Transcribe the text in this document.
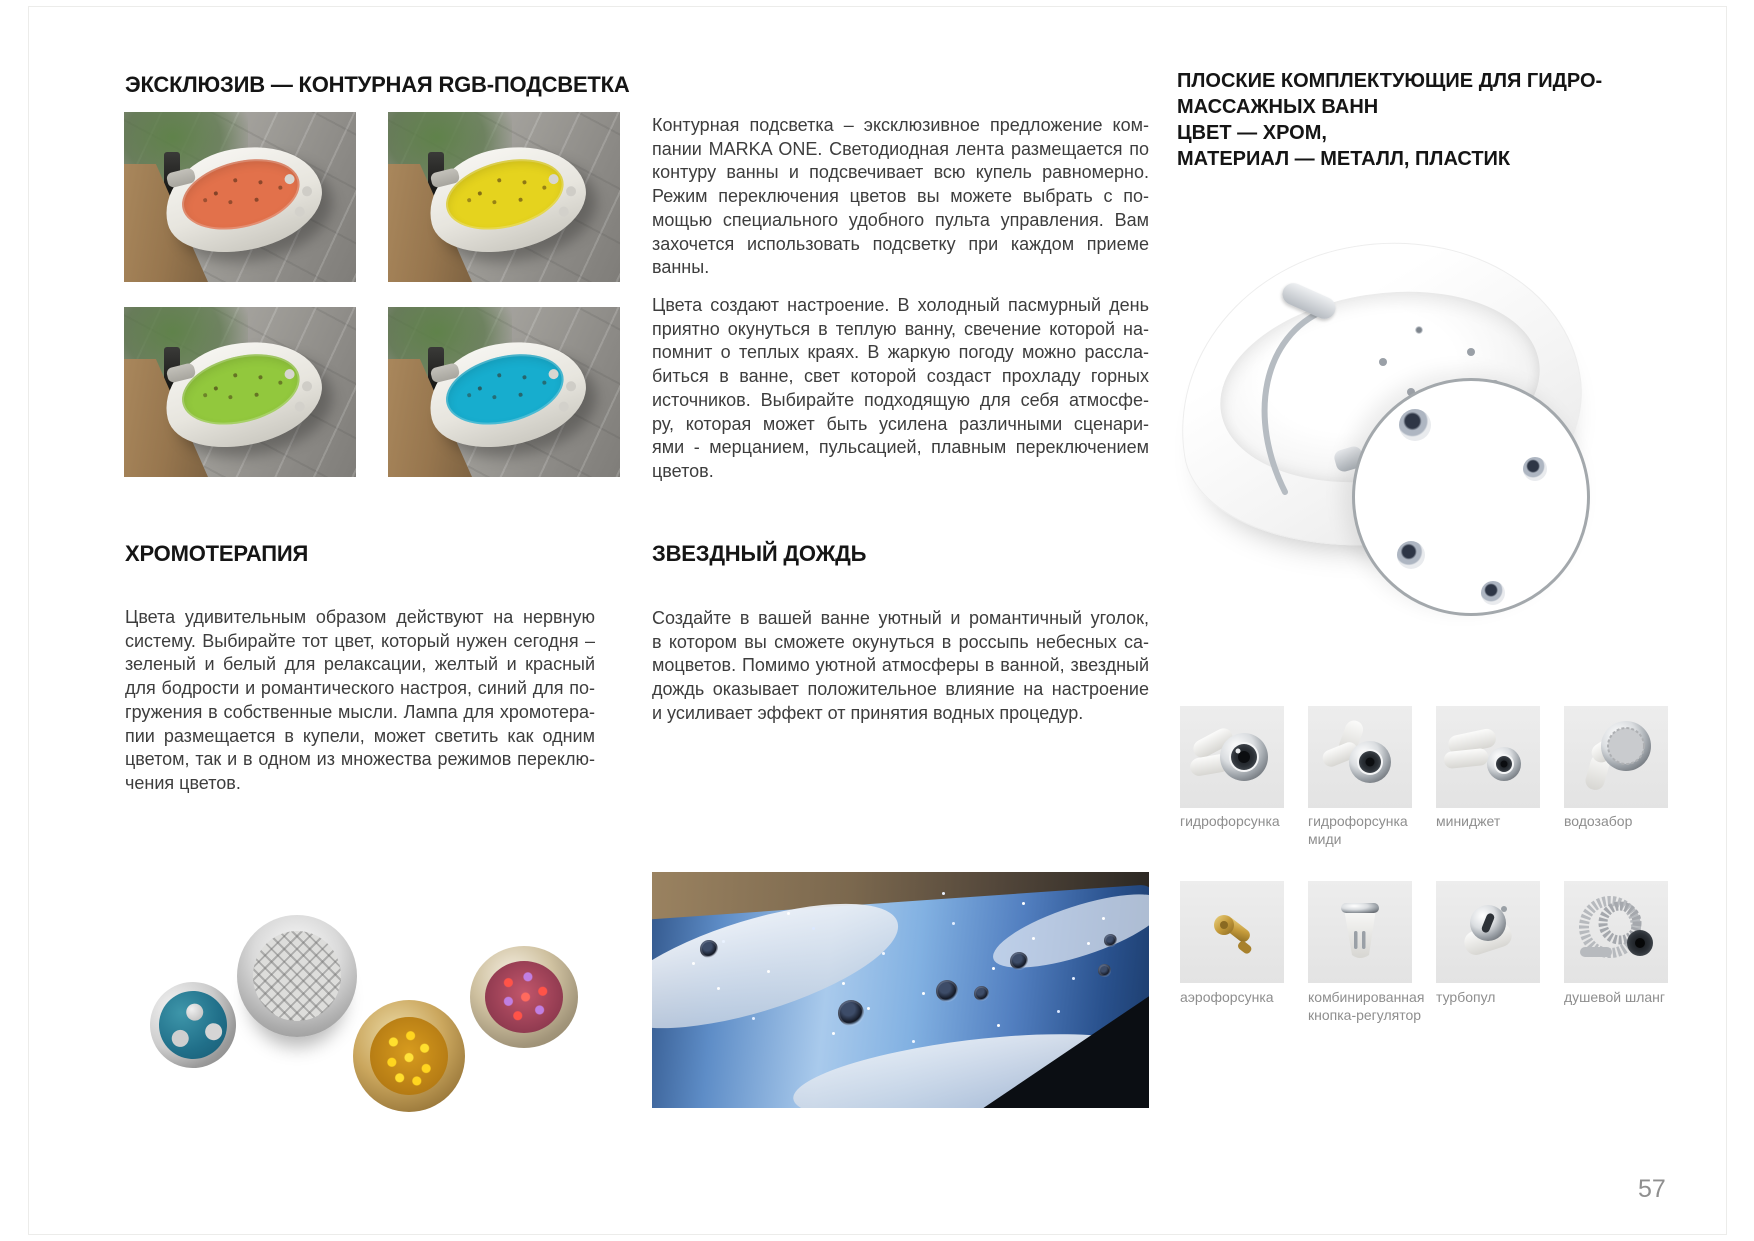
ЭКСКЛЮЗИВ — КОНТУРНАЯ RGB-ПОДСВЕТКА
ХРОМОТЕРАПИЯ
Цвета удивительным образом действуют на нервную
систему. Выбирайте тот цвет, который нужен сегодня –
зеленый и белый для релаксации, желтый и красный
для бодрости и романтического настроя, синий для по-
гружения в собственные мысли. Лампа для хромотера-
пии размещается в купели, может светить как одним
цветом, так и в одном из множества режимов переклю-
чения цветов.
Контурная подсветка – эксклюзивное предложение ком-
пании MARKA ONE. Светодиодная лента размещается по
контуру ванны и подсвечивает всю купель равномерно.
Режим переключения цветов вы можете выбрать с по-
мощью специального удобного пульта управления. Вам
захочется использовать подсветку при каждом приеме
ванны.
Цвета создают настроение. В холодный пасмурный день
приятно окунуться в теплую ванну, свечение которой на-
помнит о теплых краях. В жаркую погоду можно рассла-
биться в ванне, свет которой создаст прохладу горных
источников. Выбирайте подходящую для себя атмосфе-
ру, которая может быть усилена различными сценари-
ями - мерцанием, пульсацией, плавным переключением
цветов.
ЗВЕЗДНЫЙ ДОЖДЬ
Создайте в вашей ванне уютный и романтичный уголок,
в котором вы сможете окунуться в россыпь небесных са-
моцветов. Помимо уютной атмосферы в ванной, звездный
дождь оказывает положительное влияние на настроение
и усиливает эффект от принятия водных процедур.
ПЛОСКИЕ КОМПЛЕКТУЮЩИЕ ДЛЯ ГИДРО-
МАССАЖНЫХ ВАНН
ЦВЕТ — ХРОМ,
МАТЕРИАЛ — МЕТАЛЛ, ПЛАСТИК
гидрофорсунка	гидрофорсунка миди
миниджет	водозабор
аэрофорсунка	комбинированная кнопка-регулятор
турбопул	душевой шланг
57
